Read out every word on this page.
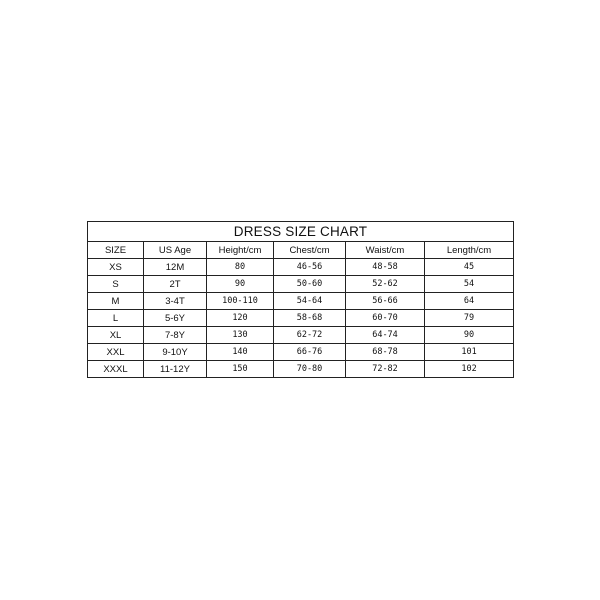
DRESS SIZE CHART					
SIZE	US Age	Height/cm	Chest/cm	Waist/cm	Length/cm
XS	12M	80	46-56	48-58	45
S	2T	90	50-60	52-62	54
M	3-4T	100-110	54-64	56-66	64
L	5-6Y	120	58-68	60-70	79
XL	7-8Y	130	62-72	64-74	90
XXL	9-10Y	140	66-76	68-78	101
XXXL	11-12Y	150	70-80	72-82	102
